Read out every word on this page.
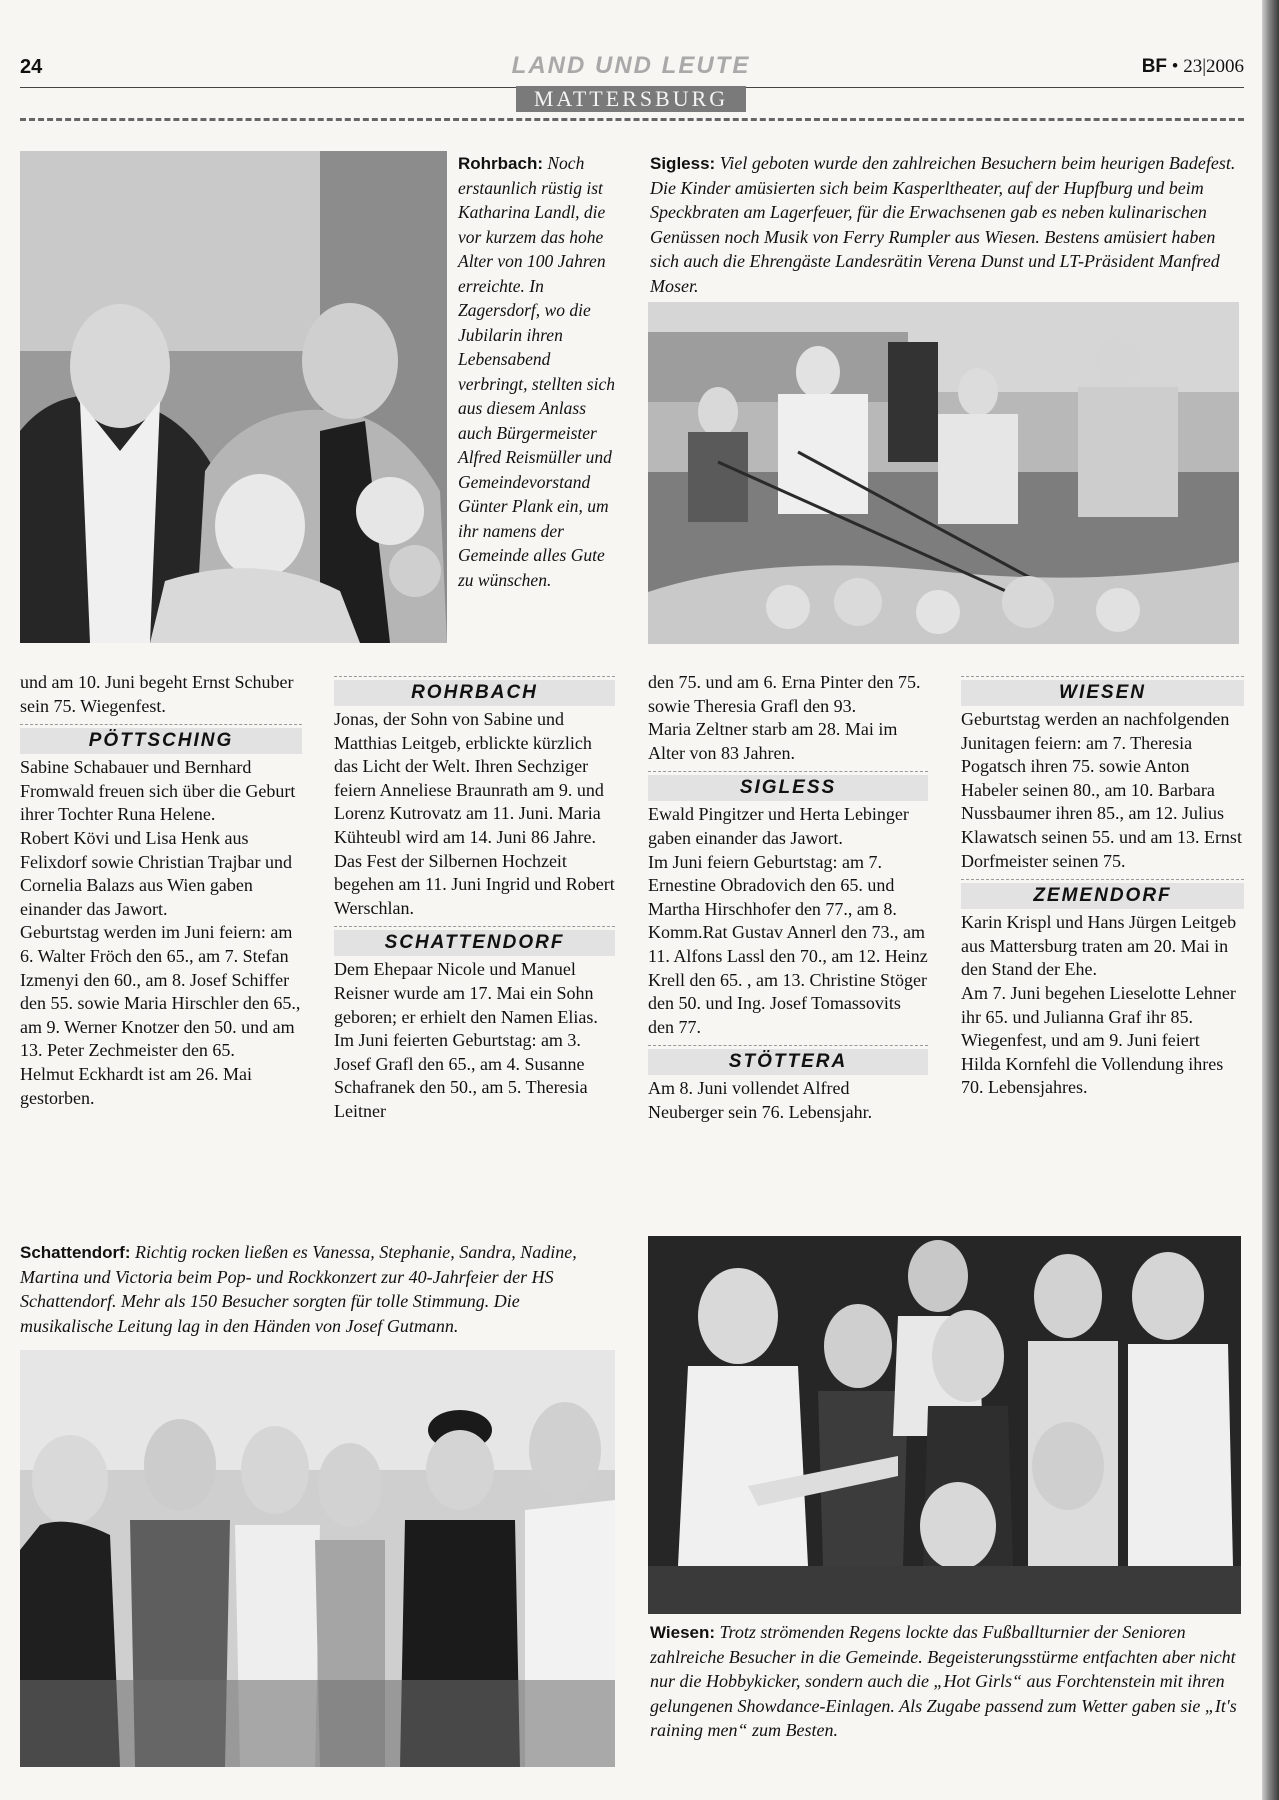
24	LAND UND LEUTE	BF • 23|2006
MATTERSBURG
Rohrbach: Noch erstaunlich rüstig ist Katharina Landl, die vor kurzem das hohe Alter von 100 Jahren erreichte. In Zagersdorf, wo die Jubilarin ihren Lebensabend verbringt, stellten sich aus diesem Anlass auch Bürgermeister Alfred Reismüller und Gemeindevorstand Günter Plank ein, um ihr namens der Gemeinde alles Gute zu wünschen.
Sigless: Viel geboten wurde den zahlreichen Besuchern beim heurigen Badefest. Die Kinder amüsierten sich beim Kasperltheater, auf der Hupfburg und beim Speckbraten am Lagerfeuer, für die Erwachsenen gab es neben kulinarischen Genüssen noch Musik von Ferry Rumpler aus Wiesen. Bestens amüsiert haben sich auch die Ehrengäste Landesrätin Verena Dunst und LT-Präsident Manfred Moser.

und am 10. Juni begeht Ernst Schuber sein 75. Wiegenfest.

PÖTTSCHING

Sabine Schabauer und Bernhard Fromwald freuen sich über die Geburt ihrer Tochter Runa Helene.

Robert Kövi und Lisa Henk aus Felixdorf sowie Christian Trajbar und Cornelia Balazs aus Wien gaben einander das Jawort.

Geburtstag werden im Juni feiern: am 6. Walter Fröch den 65., am 7. Stefan Izmenyi den 60., am 8. Josef Schiffer den 55. sowie Maria Hirschler den 65., am 9. Werner Knotzer den 50. und am 13. Peter Zechmeister den 65.

Helmut Eckhardt ist am 26. Mai gestorben.

ROHRBACH

Jonas, der Sohn von Sabine und Matthias Leitgeb, erblickte kürzlich das Licht der Welt. Ihren Sechziger feiern Anneliese Braunrath am 9. und Lorenz Kutrovatz am 11. Juni. Maria Kühteubl wird am 14. Juni 86 Jahre.

Das Fest der Silbernen Hochzeit begehen am 11. Juni Ingrid und Robert Werschlan.

SCHATTENDORF

Dem Ehepaar Nicole und Manuel Reisner wurde am 17. Mai ein Sohn geboren; er erhielt den Namen Elias.

Im Juni feierten Geburtstag: am 3. Josef Grafl den 65., am 4. Susanne Schafranek den 50., am 5. Theresia Leitner

den 75. und am 6. Erna Pinter den 75. sowie Theresia Grafl den 93.

Maria Zeltner starb am 28. Mai im Alter von 83 Jahren.

SIGLESS

Ewald Pingitzer und Herta Lebinger gaben einander das Jawort.

Im Juni feiern Geburtstag: am 7. Ernestine Obradovich den 65. und Martha Hirschhofer den 77., am 8. Komm.Rat Gustav Annerl den 73., am 11. Alfons Lassl den 70., am 12. Heinz Krell den 65. , am 13. Christine Stöger den 50. und Ing. Josef Tomassovits den 77.

STÖTTERA

Am 8. Juni vollendet Alfred Neuberger sein 76. Lebensjahr.

WIESEN

Geburtstag werden an nachfolgenden Junitagen feiern: am 7. Theresia Pogatsch ihren 75. sowie Anton Habeler seinen 80., am 10. Barbara Nussbaumer ihren 85., am 12. Julius Klawatsch seinen 55. und am 13. Ernst Dorfmeister seinen 75.

ZEMENDORF

Karin Krispl und Hans Jürgen Leitgeb aus Mattersburg traten am 20. Mai in den Stand der Ehe.

Am 7. Juni begehen Lieselotte Lehner ihr 65. und Julianna Graf ihr 85. Wiegenfest, und am 9. Juni feiert Hilda Kornfehl die Vollendung ihres 70. Lebensjahres.

Schattendorf: Richtig rocken ließen es Vanessa, Stephanie, Sandra, Nadine, Martina und Victoria beim Pop- und Rockkonzert zur 40-Jahrfeier der HS Schattendorf. Mehr als 150 Besucher sorgten für tolle Stimmung. Die musikalische Leitung lag in den Händen von Josef Gutmann.
Wiesen: Trotz strömenden Regens lockte das Fußballturnier der Senioren zahlreiche Besucher in die Gemeinde. Begeisterungsstürme entfachten aber nicht nur die Hobbykicker, sondern auch die „Hot Girls“ aus Forchtenstein mit ihren gelungenen Showdance-Einlagen. Als Zugabe passend zum Wetter gaben sie „It's raining men“ zum Besten.
